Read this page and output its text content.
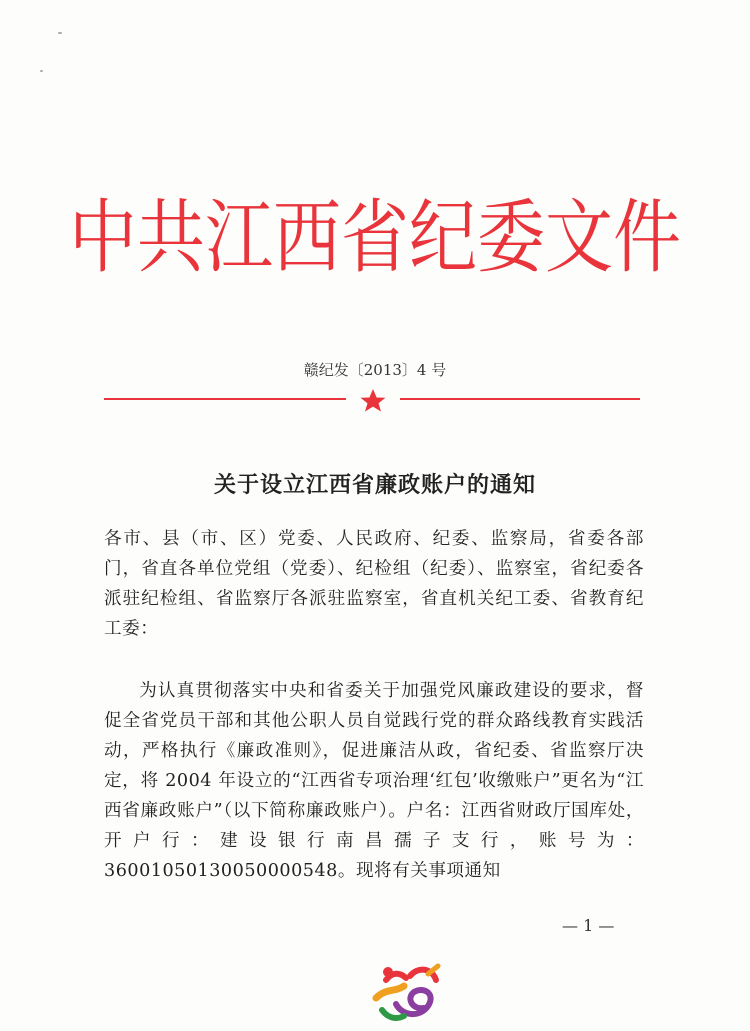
中共江西省纪委文件
赣纪发〔2013〕4 号
关于设立江西省廉政账户的通知
各市、县（市、区）党委、人民政府、纪委、监察局，省委各部门，省直各单位党组（党委）、纪检组（纪委）、监察室，省纪委各派驻纪检组、省监察厅各派驻监察室，省直机关纪工委、省教育纪工委：
为认真贯彻落实中央和省委关于加强党风廉政建设的要求，督促全省党员干部和其他公职人员自觉践行党的群众路线教育实践活动，严格执行《廉政准则》，促进廉洁从政，省纪委、省监察厅决定，将 2004 年设立的“江西省专项治理‘红包’收缴账户”更名为“江西省廉政账户”（以下简称廉政账户）。户名：江西省财政厅国库处，开户行：建设银行南昌孺子支行，账号为：36001050130050000548。现将有关事项通知
— 1 —
